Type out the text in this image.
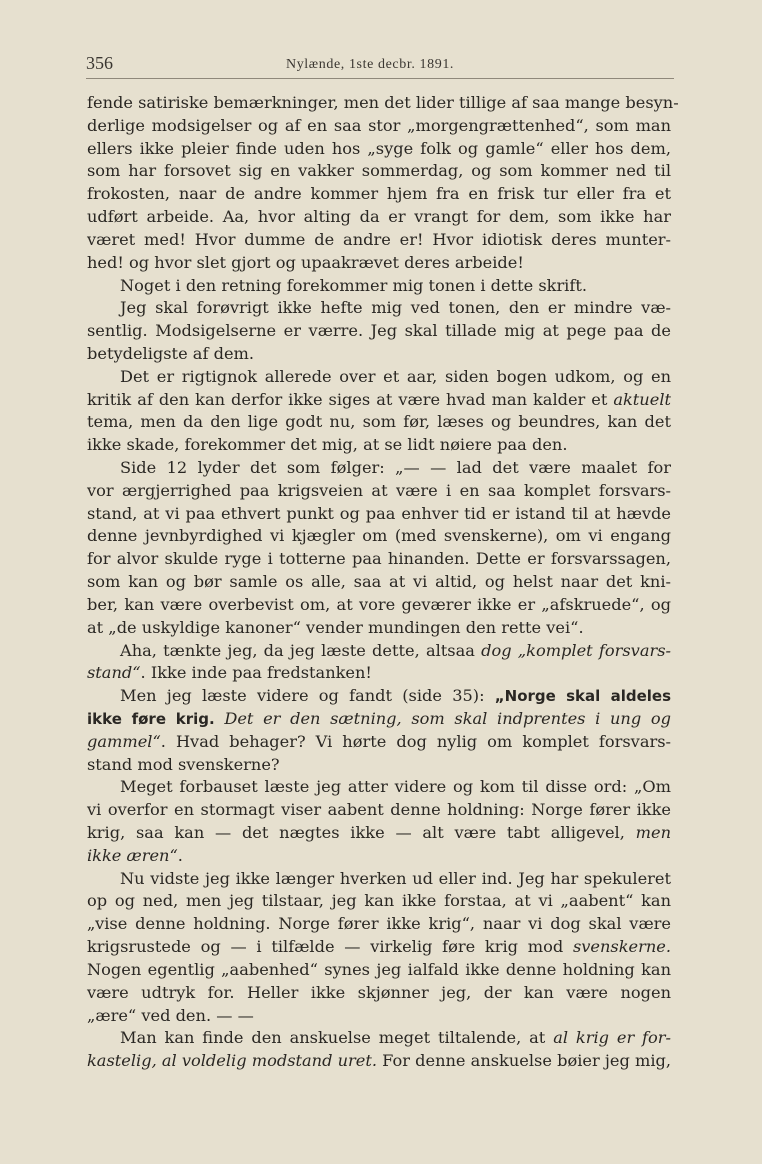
356	Nylænde, 1ste decbr. 1891.
fende satiriske bemærkninger, men det lider tillige af saa mange besyn-
derlige modsigelser og af en saa stor „morgengrættenhed“, som man
ellers ikke pleier finde uden hos „syge folk og gamle“ eller hos dem,
som har forsovet sig en vakker sommerdag, og som kommer ned til
frokosten, naar de andre kommer hjem fra en frisk tur eller fra et
udført arbeide. Aa, hvor alting da er vrangt for dem, som ikke har
været med! Hvor dumme de andre er! Hvor idiotisk deres munter-
hed! og hvor slet gjort og upaakrævet deres arbeide!
Noget i den retning forekommer mig tonen i dette skrift.
Jeg skal forøvrigt ikke hefte mig ved tonen, den er mindre væ-
sentlig. Modsigelserne er værre. Jeg skal tillade mig at pege paa de
betydeligste af dem.
Det er rigtignok allerede over et aar, siden bogen udkom, og en
kritik af den kan derfor ikke siges at være hvad man kalder et aktuelt
tema, men da den lige godt nu, som før, læses og beundres, kan det
ikke skade, forekommer det mig, at se lidt nøiere paa den.
Side 12 lyder det som følger: „— — lad det være maalet for
vor ærgjerrighed paa krigsveien at være i en saa komplet forsvars-
stand, at vi paa ethvert punkt og paa enhver tid er istand til at hævde
denne jevnbyrdighed vi kjægler om (med svenskerne), om vi engang
for alvor skulde ryge i totterne paa hinanden. Dette er forsvarssagen,
som kan og bør samle os alle, saa at vi altid, og helst naar det kni-
ber, kan være overbevist om, at vore geværer ikke er „afskruede“, og
at „de uskyldige kanoner“ vender mundingen den rette vei“.
Aha, tænkte jeg, da jeg læste dette, altsaa dog „komplet forsvars-
stand“. Ikke inde paa fredstanken!
Men jeg læste videre og fandt (side 35): „Norge skal aldeles
ikke føre krig. Det er den sætning, som skal indprentes i ung og
gammel“. Hvad behager? Vi hørte dog nylig om komplet forsvars-
stand mod svenskerne?
Meget forbauset læste jeg atter videre og kom til disse ord: „Om
vi overfor en stormagt viser aabent denne holdning: Norge fører ikke
krig, saa kan — det nægtes ikke — alt være tabt alligevel, men
ikke æren“.
Nu vidste jeg ikke længer hverken ud eller ind. Jeg har spekuleret
op og ned, men jeg tilstaar, jeg kan ikke forstaa, at vi „aabent“ kan
„vise denne holdning. Norge fører ikke krig“, naar vi dog skal være
krigsrustede og — i tilfælde — virkelig føre krig mod svenskerne.
Nogen egentlig „aabenhed“ synes jeg ialfald ikke denne holdning kan
være udtryk for. Heller ikke skjønner jeg, der kan være nogen
„ære“ ved den. — —
Man kan finde den anskuelse meget tiltalende, at al krig er for-
kastelig, al voldelig modstand uret. For denne anskuelse bøier jeg mig,
